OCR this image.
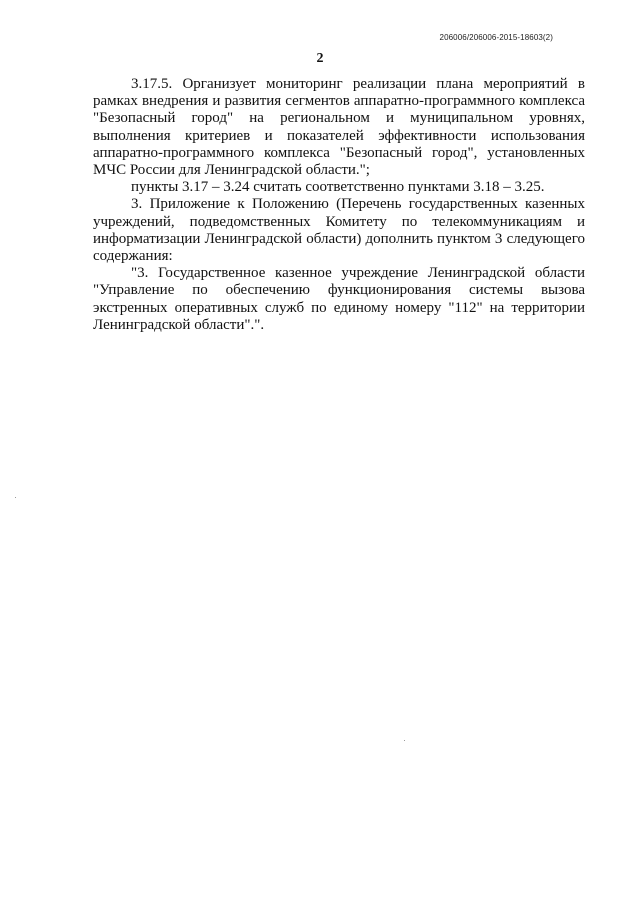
206006/206006-2015-18603(2)
2

3.17.5. Организует мониторинг реализации плана мероприятий в рамках внедрения и развития сегментов аппаратно-программного комплекса "Безопасный город" на региональном и муниципальном уровнях, выполнения критериев и показателей эффективности использования аппаратно-программного комплекса "Безопасный город", установленных МЧС России для Ленинградской области.";

пункты 3.17 – 3.24 считать соответственно пунктами 3.18 – 3.25.

3. Приложение к Положению (Перечень государственных казенных учреждений, подведомственных Комитету по телекоммуникациям и информатизации Ленинградской области) дополнить пунктом 3 следующего содержания:

"3. Государственное казенное учреждение Ленинградской области "Управление по обеспечению функционирования системы вызова экстренных оперативных служб по единому номеру "112" на территории Ленинградской области".".
